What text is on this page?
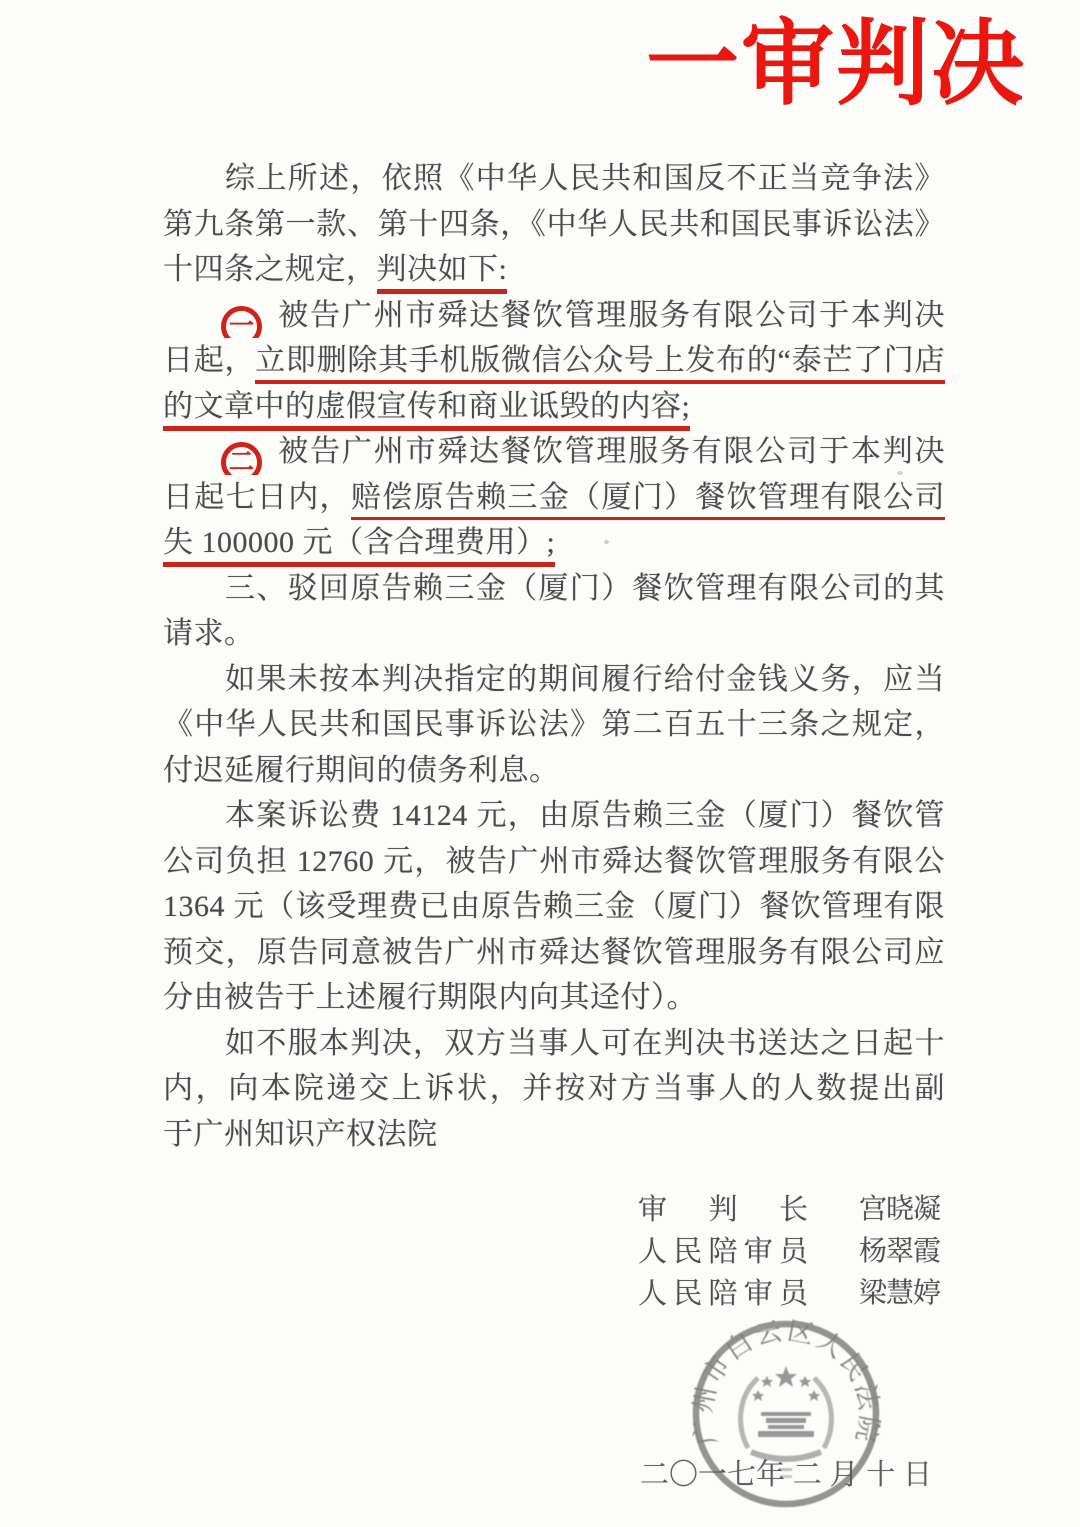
一审判决
综上所述，依照《中华人民共和国反不正当竞争法》
第九条第一款、第十四条，《中华人民共和国民事诉讼法》
十四条之规定，判决如下:
一 被告广州市舜达餐饮管理服务有限公司于本判决
日起，立即删除其手机版微信公众号上发布的“泰芒了门店
的文章中的虚假宣传和商业诋毁的内容;
二 被告广州市舜达餐饮管理服务有限公司于本判决
日起七日内，赔偿原告赖三金（厦门）餐饮管理有限公司
失 100000 元（含合理费用）;
三、驳回原告赖三金（厦门）餐饮管理有限公司的其
请求。
如果未按本判决指定的期间履行给付金钱义务，应当
《中华人民共和国民事诉讼法》第二百五十三条之规定，
付迟延履行期间的债务利息。
本案诉讼费 14124 元，由原告赖三金（厦门）餐饮管
公司负担 12760 元，被告广州市舜达餐饮管理服务有限公
1364 元（该受理费已由原告赖三金（厦门）餐饮管理有限
预交，原告同意被告广州市舜达餐饮管理服务有限公司应
分由被告于上述履行期限内向其迳付）。
如不服本判决，双方当事人可在判决书送达之日起十
内，向本院递交上诉状，并按对方当事人的人数提出副
于广州知识产权法院
审 判 长 宫晓凝
人 民 陪 审 员 杨翠霞
人 民 陪 审 员 梁慧婷
广州市白云区人民法院
二〇一七年 二 月 十 日
